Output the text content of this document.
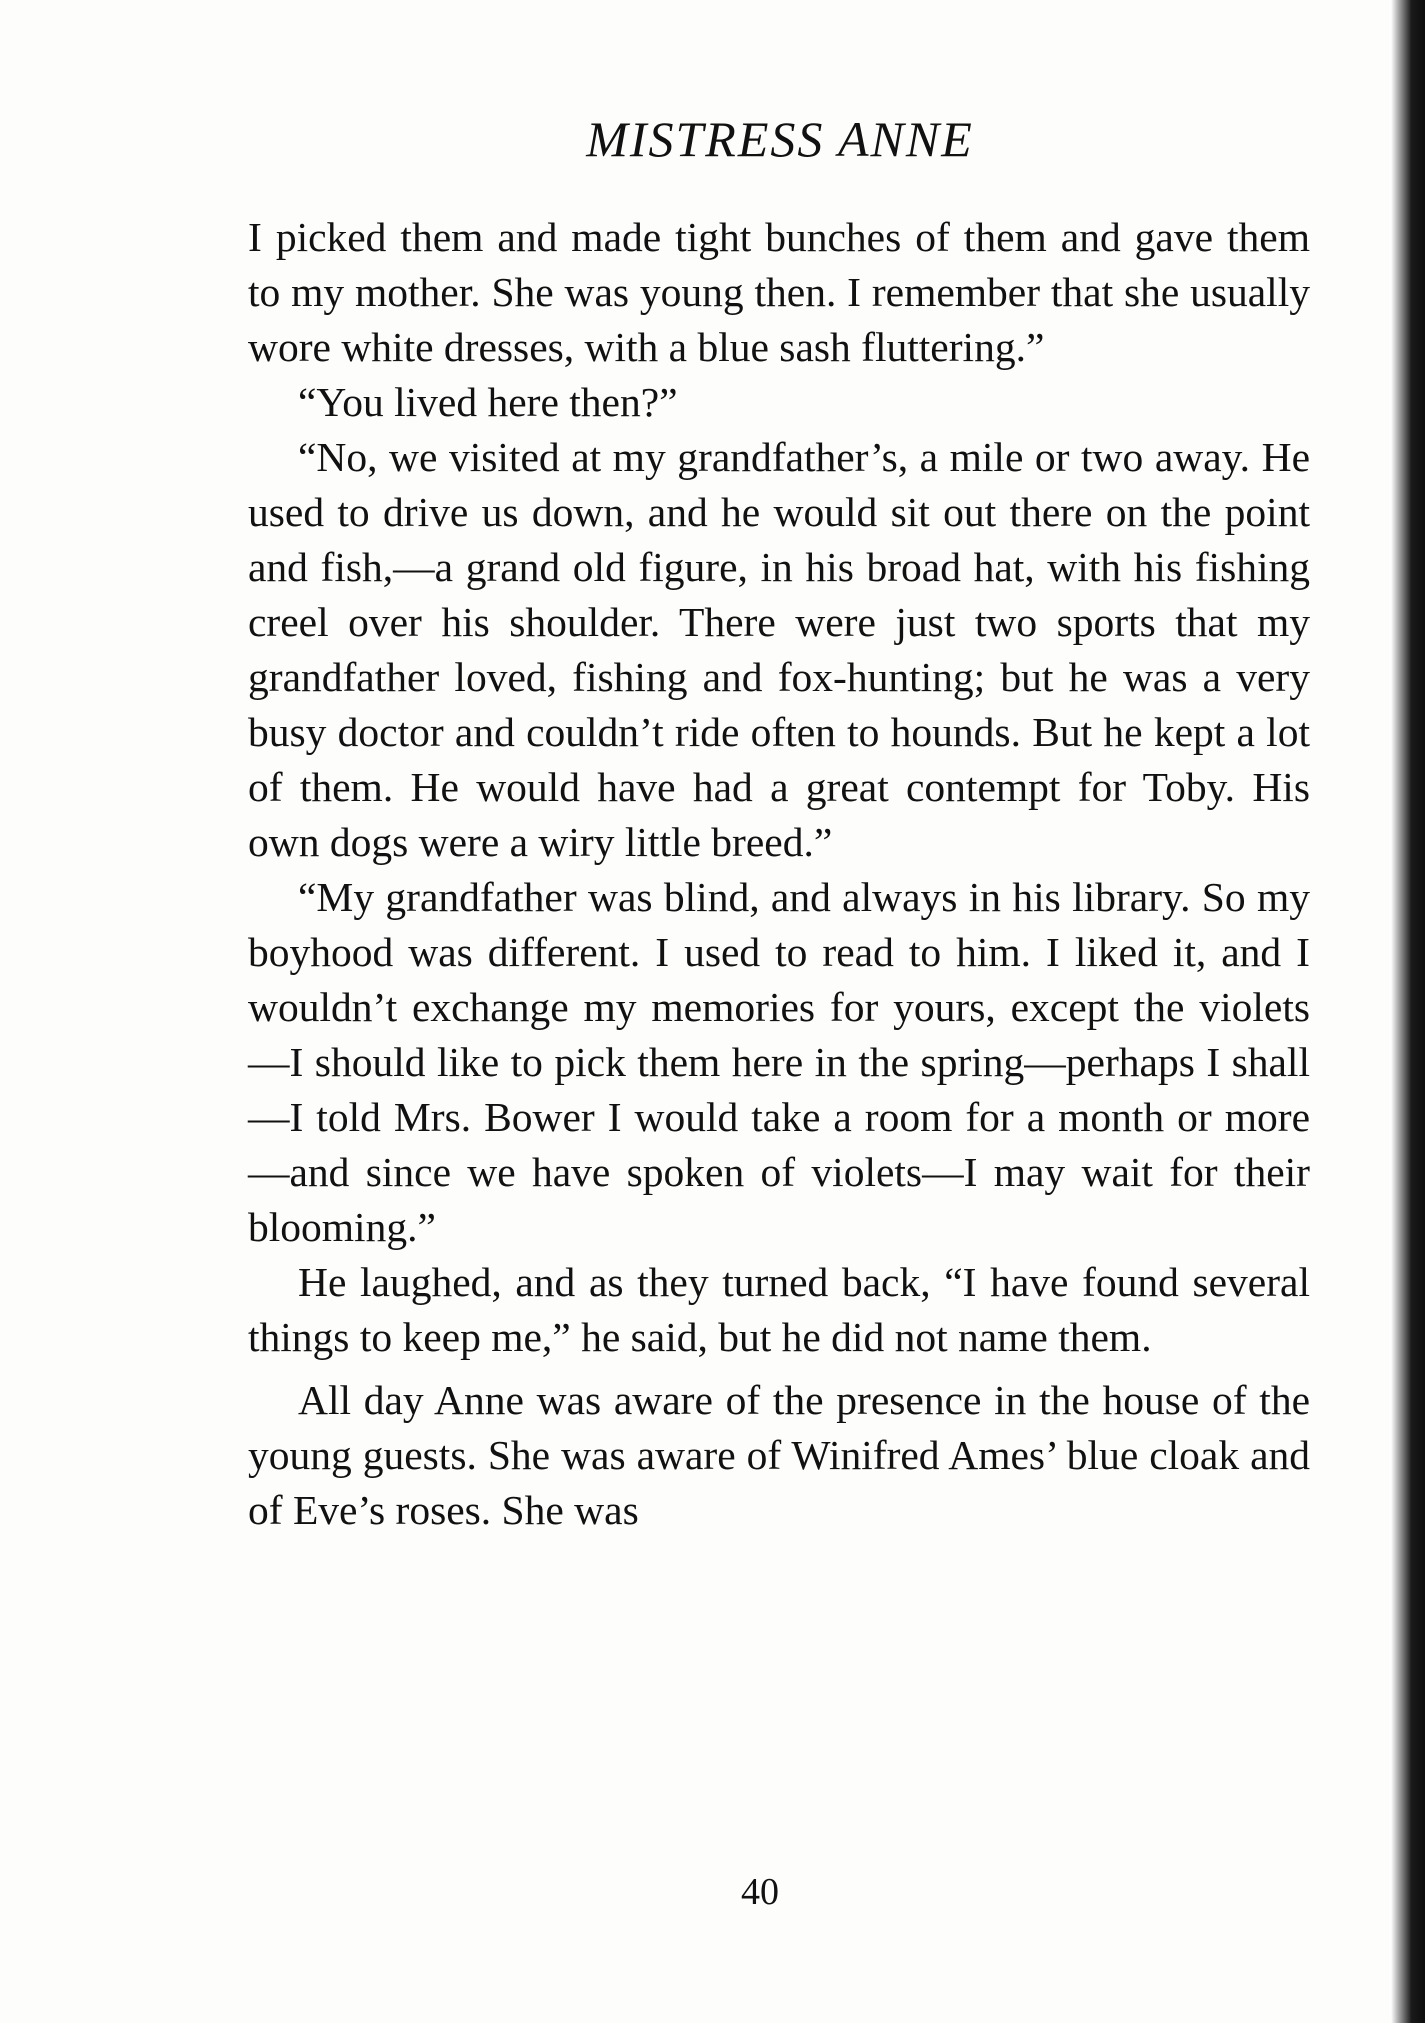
MISTRESS ANNE

I picked them and made tight bunches of them and gave them to my mother. She was young then. I remember that she usually wore white dresses, with a blue sash fluttering.”

“You lived here then?”

“No, we visited at my grandfather’s, a mile or two away. He used to drive us down, and he would sit out there on the point and fish,—a grand old figure, in his broad hat, with his fishing creel over his shoulder. There were just two sports that my grandfather loved, fishing and fox-hunting; but he was a very busy doctor and couldn’t ride often to hounds. But he kept a lot of them. He would have had a great contempt for Toby. His own dogs were a wiry little breed.”

“My grandfather was blind, and always in his library. So my boyhood was different. I used to read to him. I liked it, and I wouldn’t exchange my memories for yours, except the violets—I should like to pick them here in the spring—perhaps I shall —I told Mrs. Bower I would take a room for a month or more—and since we have spoken of violets—I may wait for their blooming.”

He laughed, and as they turned back, “I have found several things to keep me,” he said, but he did not name them.

All day Anne was aware of the presence in the house of the young guests. She was aware of Winifred Ames’ blue cloak and of Eve’s roses. She was

40
